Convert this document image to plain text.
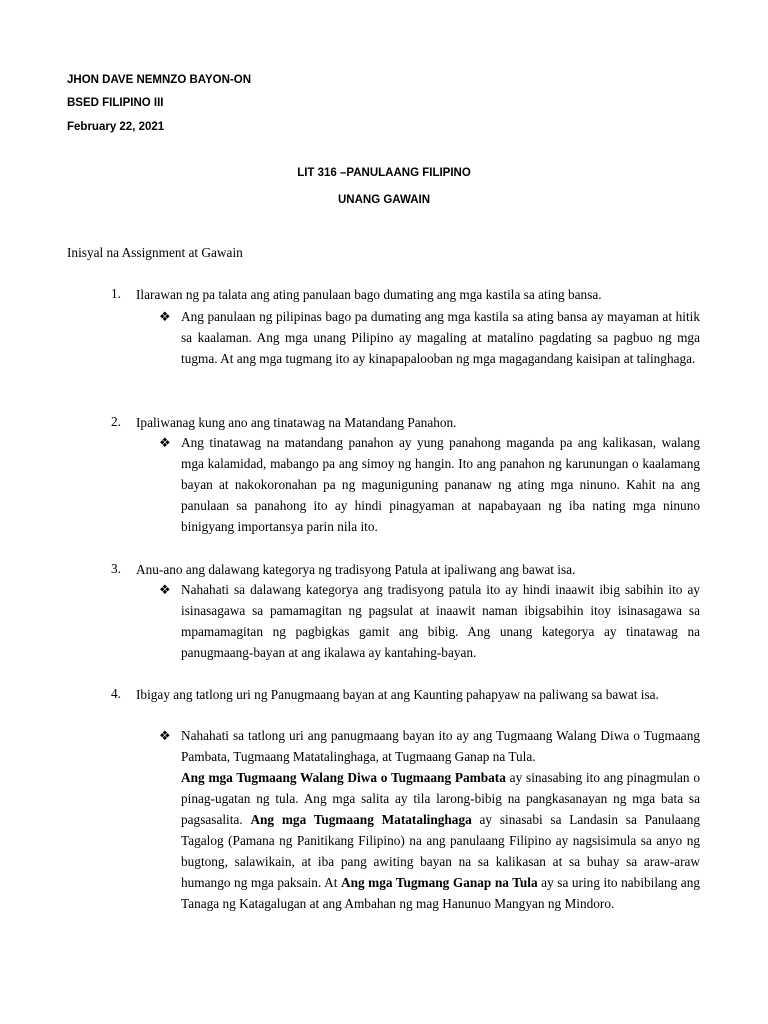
JHON DAVE NEMNZO BAYON-ON
BSED FILIPINO III
February 22, 2021
LIT 316 –PANULAANG FILIPINO
UNANG GAWAIN
Inisyal na Assignment at Gawain
1. Ilarawan ng pa talata ang ating panulaan bago dumating ang mga kastila sa ating bansa.
❖ Ang panulaan ng pilipinas bago pa dumating ang mga kastila sa ating bansa ay mayaman at hitik sa kaalaman. Ang mga unang Pilipino ay magaling at matalino pagdating sa pagbuo ng mga tugma. At ang mga tugmang ito ay kinapapalooban ng mga magagandang kaisipan at talinghaga.
2. Ipaliwanag kung ano ang tinatawag na Matandang Panahon.
❖ Ang tinatawag na matandang panahon ay yung panahong maganda pa ang kalikasan, walang mga kalamidad, mabango pa ang simoy ng hangin. Ito ang panahon ng karunungan o kaalamang bayan at nakokoronahan pa ng maguniguning pananaw ng ating mga ninuno. Kahit na ang panulaan sa panahong ito ay hindi pinagyaman at napabayaan ng iba nating mga ninuno binigyang importansya parin nila ito.
3. Anu-ano ang dalawang kategorya ng tradisyong Patula at ipaliwang ang bawat isa.
❖ Nahahati sa dalawang kategorya ang tradisyong patula ito ay hindi inaawit ibig sabihin ito ay isinasagawa sa pamamagitan ng pagsulat at inaawit naman ibigsabihin itoy isinasagawa sa mpamamagitan ng pagbigkas gamit ang bibig. Ang unang kategorya ay tinatawag na panugmaang-bayan at ang ikalawa ay kantahing-bayan.
4. Ibigay ang tatlong uri ng Panugmaang bayan at ang Kaunting pahapyaw na paliwang sa bawat isa.
❖ Nahahati sa tatlong uri ang panugmaang bayan ito ay ang Tugmaang Walang Diwa o Tugmaang Pambata, Tugmaang Matatalinghaga, at Tugmaang Ganap na Tula.

Ang mga Tugmaang Walang Diwa o Tugmaang Pambata ay sinasabing ito ang pinagmulan o pinag-ugatan ng tula. Ang mga salita ay tila larong-bibig na pangkasanayan ng mga bata sa pagsasalita. Ang mga Tugmaang Matatalinghaga ay sinasabi sa Landasin sa Panulaang Tagalog (Pamana ng Panitikang Filipino) na ang panulaang Filipino ay nagsisimula sa anyo ng bugtong, salawikain, at iba pang awiting bayan na sa kalikasan at sa buhay sa araw-araw humango ng mga paksain. At Ang mga Tugmang Ganap na Tula ay sa uring ito nabibilang ang Tanaga ng Katagalugan at ang Ambahan ng mag Hanunuo Mangyan ng Mindoro.
